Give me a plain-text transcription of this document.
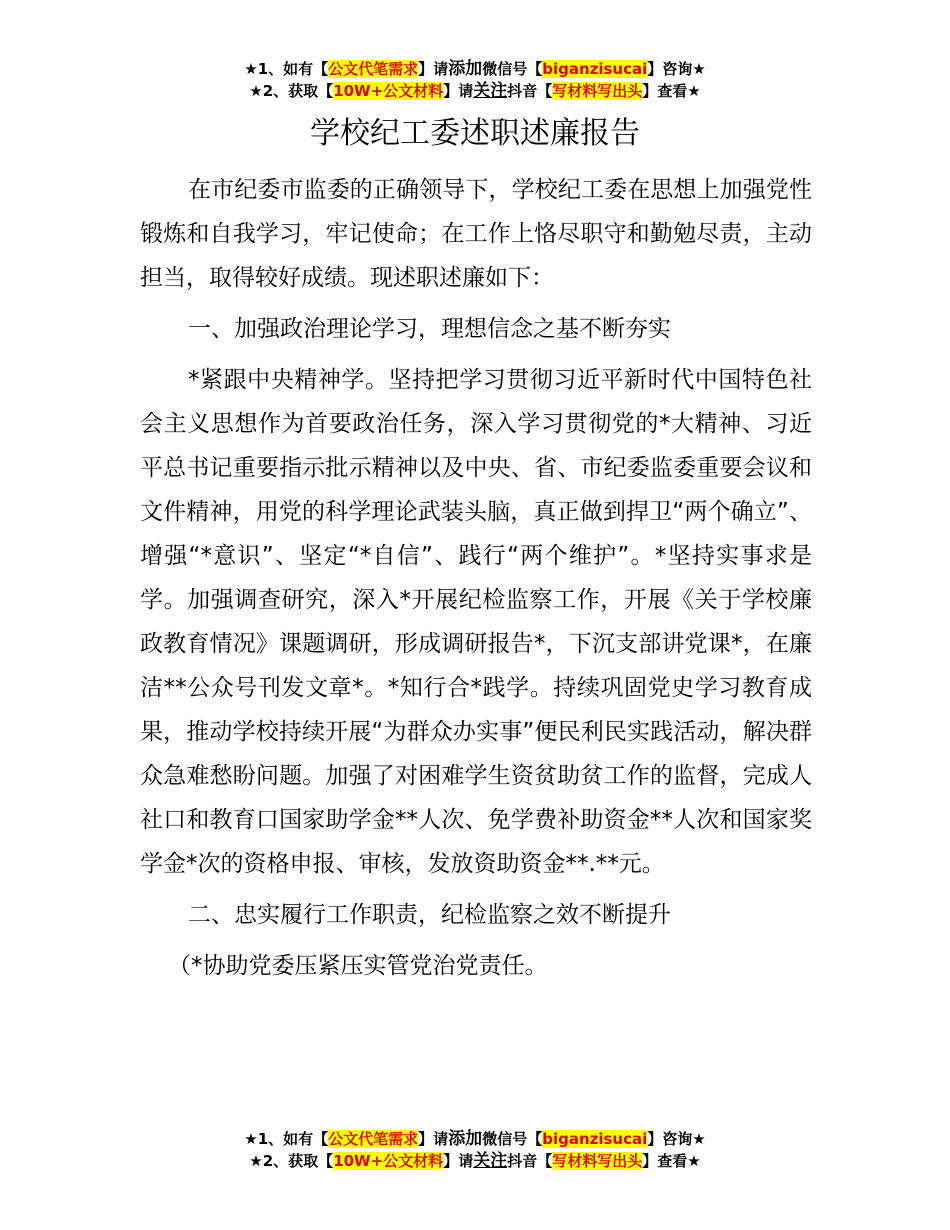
★1、如有【公文代笔需求】请添加微信号【biganzisucai】咨询★
★2、获取【10W+公文材料】请关注抖音【写材料写出头】查看★
学校纪工委述职述廉报告

在市纪委市监委的正确领导下，学校纪工委在思想上加强党性锻炼和自我学习，牢记使命；在工作上恪尽职守和勤勉尽责，主动担当，取得较好成绩。现述职述廉如下：

一、加强政治理论学习，理想信念之基不断夯实

*紧跟中央精神学。坚持把学习贯彻习近平新时代中国特色社会主义思想作为首要政治任务，深入学习贯彻党的*大精神、习近平总书记重要指示批示精神以及中央、省、市纪委监委重要会议和文件精神，用党的科学理论武装头脑，真正做到捍卫“两个确立”、增强“*意识”、坚定“*自信”、践行“两个维护”。*坚持实事求是学。加强调查研究，深入*开展纪检监察工作，开展《关于学校廉政教育情况》课题调研，形成调研报告*，下沉支部讲党课*，在廉洁**公众号刊发文章*。*知行合*践学。持续巩固党史学习教育成果，推动学校持续开展“为群众办实事”便民利民实践活动，解决群众急难愁盼问题。加强了对困难学生资贫助贫工作的监督，完成人社口和教育口国家助学金**人次、免学费补助资金**人次和国家奖学金*次的资格申报、审核，发放资助资金**.**元。

二、忠实履行工作职责，纪检监察之效不断提升

（*协助党委压紧压实管党治党责任。

★1、如有【公文代笔需求】请添加微信号【biganzisucai】咨询★
★2、获取【10W+公文材料】请关注抖音【写材料写出头】查看★
